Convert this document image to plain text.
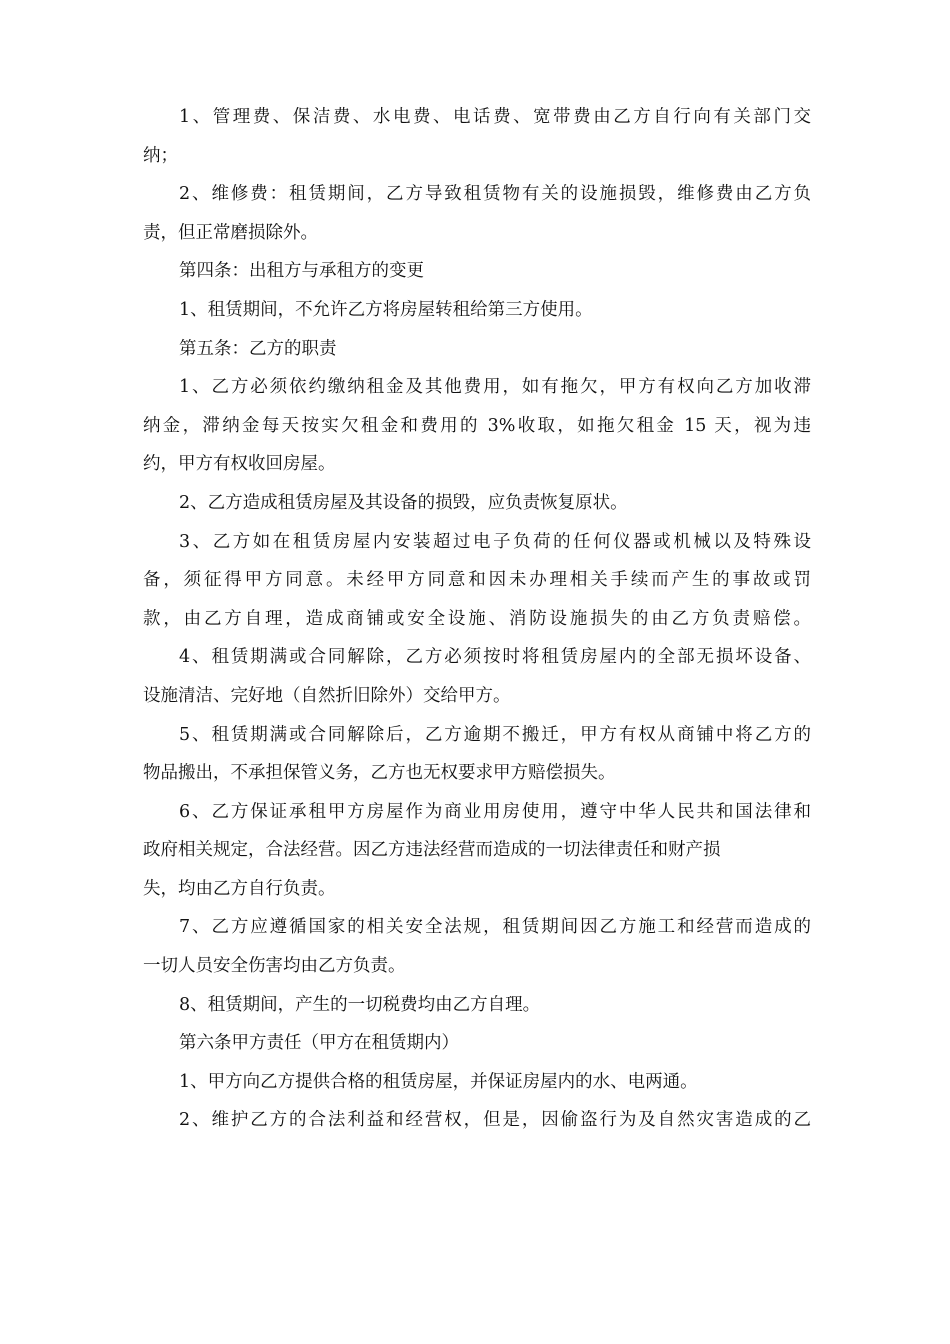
1、管理费、保洁费、水电费、电话费、宽带费由乙方自行向有关部门交
纳；
2、维修费：租赁期间，乙方导致租赁物有关的设施损毁，维修费由乙方负
责，但正常磨损除外。
第四条：出租方与承租方的变更
1、租赁期间，不允许乙方将房屋转租给第三方使用。
第五条：乙方的职责
1、乙方必须依约缴纳租金及其他费用，如有拖欠，甲方有权向乙方加收滞
纳金，滞纳金每天按实欠租金和费用的 3%收取，如拖欠租金 15 天，视为违
约，甲方有权收回房屋。
2、乙方造成租赁房屋及其设备的损毁，应负责恢复原状。
3、乙方如在租赁房屋内安装超过电子负荷的任何仪器或机械以及特殊设
备，须征得甲方同意。未经甲方同意和因未办理相关手续而产生的事故或罚
款，由乙方自理，造成商铺或安全设施、消防设施损失的由乙方负责赔偿。
4、租赁期满或合同解除，乙方必须按时将租赁房屋内的全部无损坏设备、
设施清洁、完好地（自然折旧除外）交给甲方。
5、租赁期满或合同解除后，乙方逾期不搬迁，甲方有权从商铺中将乙方的
物品搬出，不承担保管义务，乙方也无权要求甲方赔偿损失。
6、乙方保证承租甲方房屋作为商业用房使用，遵守中华人民共和国法律和
政府相关规定，合法经营。因乙方违法经营而造成的一切法律责任和财产损
失，均由乙方自行负责。
7、乙方应遵循国家的相关安全法规，租赁期间因乙方施工和经营而造成的
一切人员安全伤害均由乙方负责。
8、租赁期间，产生的一切税费均由乙方自理。
第六条甲方责任（甲方在租赁期内）
1、甲方向乙方提供合格的租赁房屋，并保证房屋内的水、电两通。
2、维护乙方的合法利益和经营权，但是，因偷盗行为及自然灾害造成的乙
